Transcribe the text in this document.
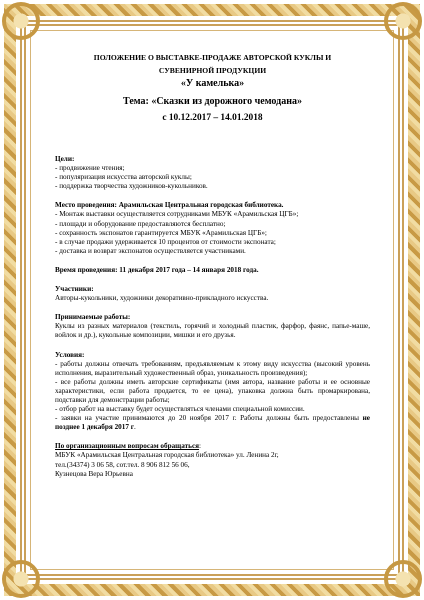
ПОЛОЖЕНИЕ О ВЫСТАВКЕ-ПРОДАЖЕ АВТОРСКОЙ КУКЛЫ И
СУВЕНИРНОЙ ПРОДУКЦИИ
«У камелька»
Тема: «Сказки из дорожного чемодана»
с 10.12.2017 – 14.01.2018
Цели:
- продвижение чтения;
- популяризация искусства авторской куклы;
- поддержка творчества художников-кукольников.
Место проведения: Арамильская Центральная городская библиотека.
- Монтаж выставки осуществляется сотрудниками МБУК «Арамильская ЦГБ»;
- площади и оборудование предоставляются бесплатно;
- сохранность экспонатов гарантируется МБУК «Арамильская ЦГБ»;
- в случае продажи удерживается 10 процентов от стоимости экспоната;
- доставка и возврат экспонатов осуществляется участниками.
Время проведения: 11 декабря 2017 года – 14 января 2018 года.
Участники:
Авторы-кукольники, художники декоративно-прикладного искусства.
Принимаемые работы:
Куклы из разных материалов (текстиль, горячий и холодный пластик, фарфор, фаянс, папье-маше, войлок и др.), кукольные композиции, мишки и его друзья.
Условия:
- работы должны отвечать требованиям, предъявляемым к этому виду искусства (высокий уровень исполнения, выразительный художественный образ, уникальность произведения);
- все работы должны иметь авторские сертификаты (имя автора, название работы и ее основные характеристики, если работа продается, то ее цена), упаковка должна быть промаркирована, подставки для демонстрации работы;
- отбор работ на выставку будет осуществляться членами специальной комиссии.
- заявки на участие принимаются до 20 ноября 2017 г. Работы должны быть предоставлены не позднее 1 декабря 2017 г.
По организационным вопросам обращаться:
МБУК «Арамильская Центральная городская библиотека» ул. Ленина 2г,
тел.(34374) 3 06 58, сот.тел. 8 906 812 56 06,
Кузнецова Вера Юрьевна
